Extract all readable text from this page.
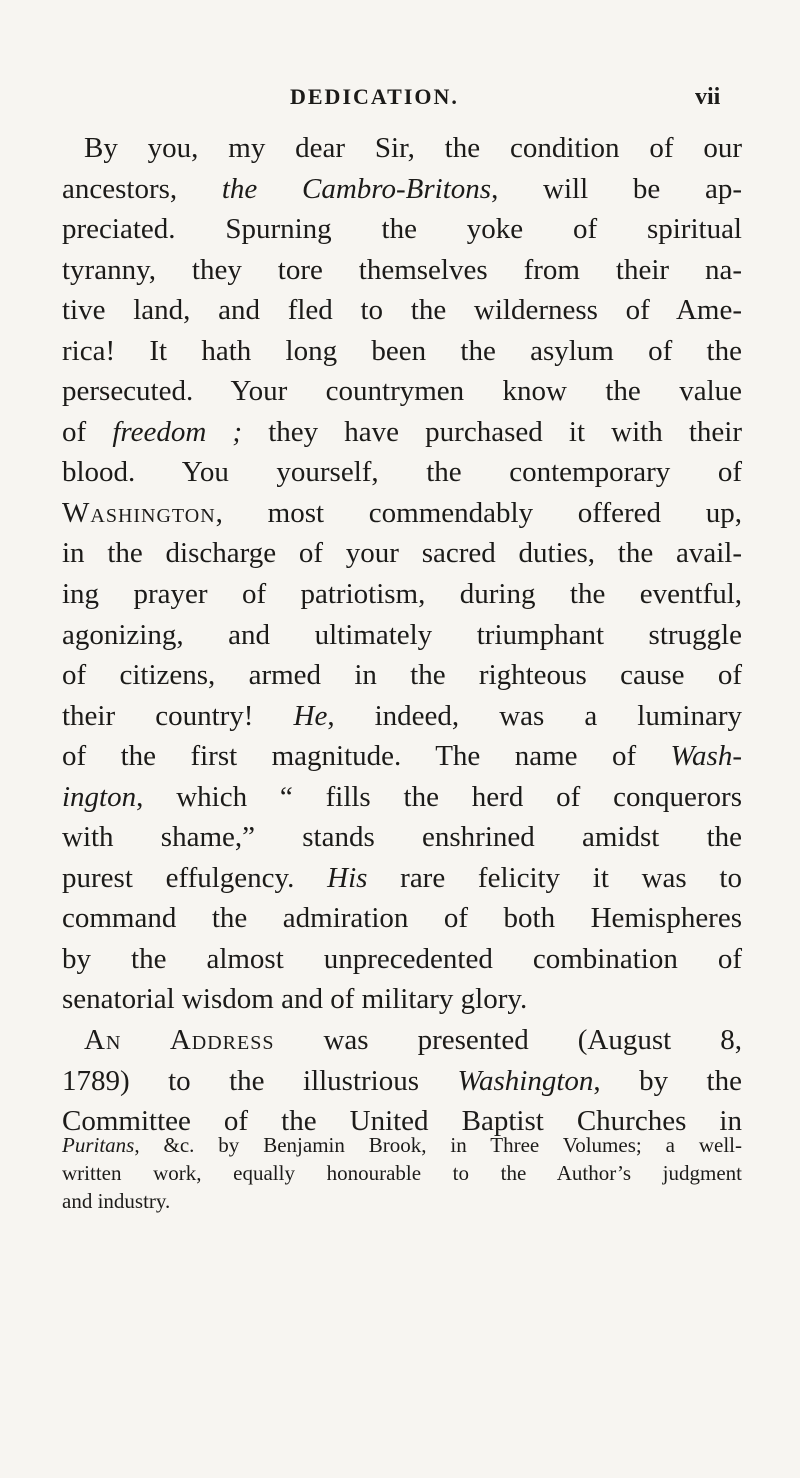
DEDICATION.	vii
By you, my dear Sir, the condition of our
ancestors, the Cambro-Britons, will be ap-
preciated. Spurning the yoke of spiritual
tyranny, they tore themselves from their na-
tive land, and fled to the wilderness of Ame-
rica! It hath long been the asylum of the
persecuted. Your countrymen know the value
of freedom ; they have purchased it with their
blood. You yourself, the contemporary of
Washington, most commendably offered up,
in the discharge of your sacred duties, the avail-
ing prayer of patriotism, during the eventful,
agonizing, and ultimately triumphant struggle
of citizens, armed in the righteous cause of
their country! He, indeed, was a luminary
of the first magnitude. The name of Wash-
ington, which “ fills the herd of conquerors
with shame,” stands enshrined amidst the
purest effulgency. His rare felicity it was to
command the admiration of both Hemispheres
by the almost unprecedented combination of
senatorial wisdom and of military glory.
An Address was presented (August 8,
1789) to the illustrious Washington, by the
Committee of the United Baptist Churches in
Puritans, &c. by Benjamin Brook, in Three Volumes; a well-
written work, equally honourable to the Author’s judgment
and industry.
